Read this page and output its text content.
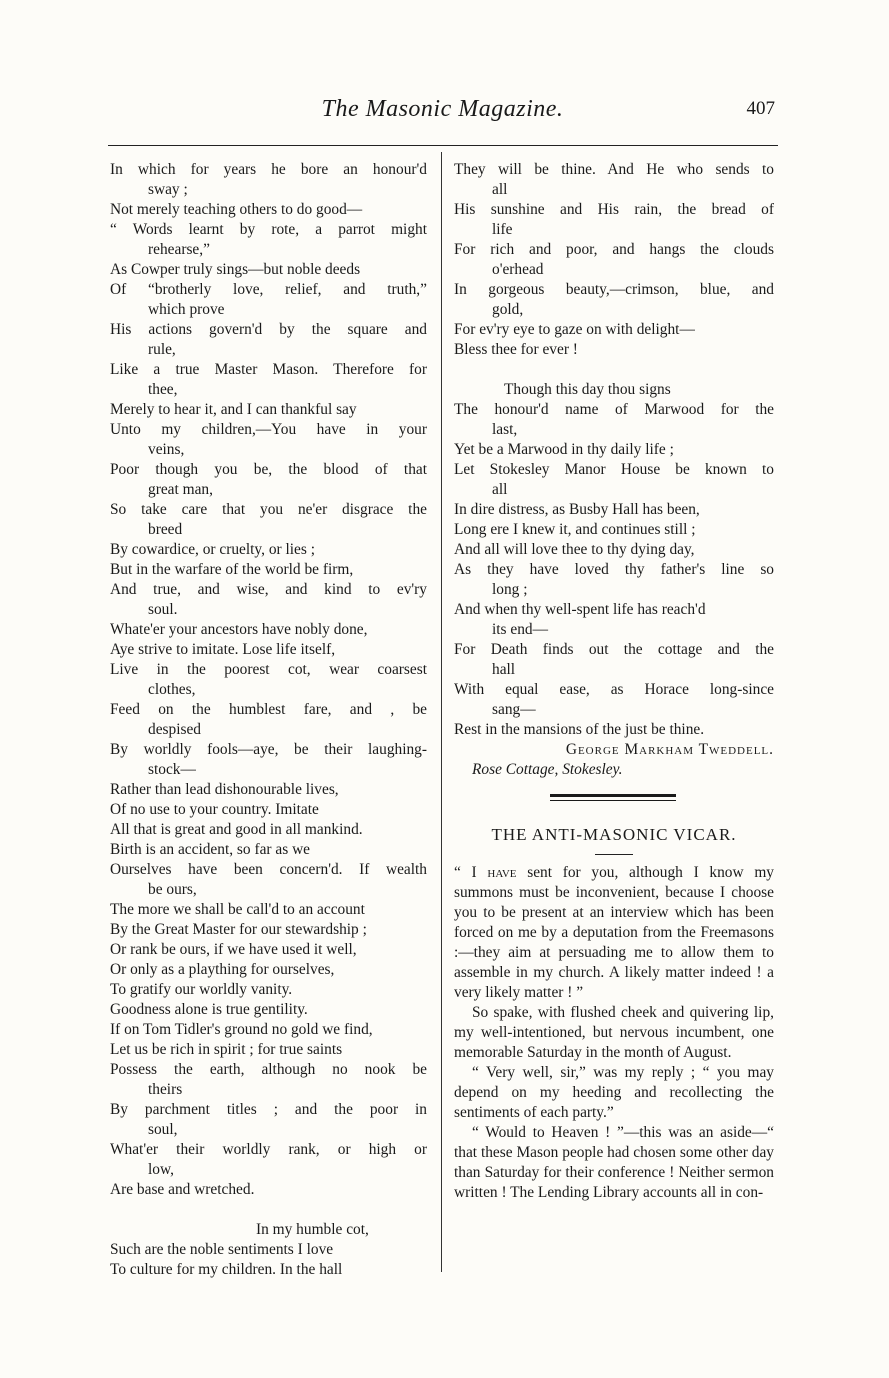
The Masonic Magazine.	407
In which for years he bore an honour'd
sway ;
Not merely teaching others to do good—
“ Words learnt by rote, a parrot might
rehearse,”
As Cowper truly sings—but noble deeds
Of “brotherly love, relief, and truth,”
which prove
His actions govern'd by the square and
rule,
Like a true Master Mason. Therefore for
thee,
Merely to hear it, and I can thankful say
Unto my children,—You have in your
veins,
Poor though you be, the blood of that
great man,
So take care that you ne'er disgrace the
breed
By cowardice, or cruelty, or lies ;
But in the warfare of the world be firm,
And true, and wise, and kind to ev'ry
soul.
Whate'er your ancestors have nobly done,
Aye strive to imitate. Lose life itself,
Live in the poorest cot, wear coarsest
clothes,
Feed on the humblest fare, and , be
despised
By worldly fools—aye, be their laughing-
stock—
Rather than lead dishonourable lives,
Of no use to your country. Imitate
All that is great and good in all mankind.
Birth is an accident, so far as we
Ourselves have been concern'd. If wealth
be ours,
The more we shall be call'd to an account
By the Great Master for our stewardship ;
Or rank be ours, if we have used it well,
Or only as a plaything for ourselves,
To gratify our worldly vanity.
Goodness alone is true gentility.
If on Tom Tidler's ground no gold we find,
Let us be rich in spirit ; for true saints
Possess the earth, although no nook be
theirs
By parchment titles ; and the poor in
soul,
What'er their worldly rank, or high or
low,
Are base and wretched.
In my humble cot,
Such are the noble sentiments I love
To culture for my children. In the hall
They will be thine. And He who sends to
all
His sunshine and His rain, the bread of
life
For rich and poor, and hangs the clouds
o'erhead
In gorgeous beauty,—crimson, blue, and
gold,
For ev'ry eye to gaze on with delight—
Bless thee for ever !
Though this day thou signs
The honour'd name of Marwood for the
last,
Yet be a Marwood in thy daily life ;
Let Stokesley Manor House be known to
all
In dire distress, as Busby Hall has been,
Long ere I knew it, and continues still ;
And all will love thee to thy dying day,
As they have loved thy father's line so
long ;
And when thy well-spent life has reach'd
its end—
For Death finds out the cottage and the
hall
With equal ease, as Horace long-since
sang—
Rest in the mansions of the just be thine.
George Markham Tweddell.
Rose Cottage, Stokesley.
THE ANTI-MASONIC VICAR.

“ I have sent for you, although I know my summons must be inconvenient, because I choose you to be present at an interview which has been forced on me by a deputation from the Freemasons :—they aim at persuading me to allow them to assemble in my church. A likely matter indeed ! a very likely matter ! ”

So spake, with flushed cheek and quivering lip, my well-intentioned, but nervous incumbent, one memorable Saturday in the month of August.

“ Very well, sir,” was my reply ; “ you may depend on my heeding and recollecting the sentiments of each party.”

“ Would to Heaven ! ”—this was an aside—“ that these Mason people had chosen some other day than Saturday for their conference ! Neither sermon written ! The Lending Library accounts all in con-
